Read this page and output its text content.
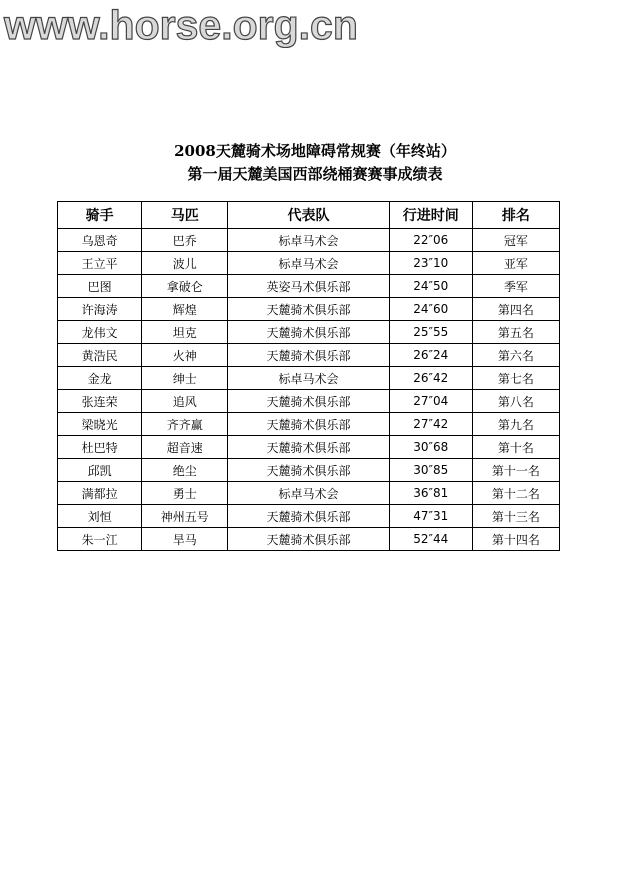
www.horse.org.cn
2008天麓骑术场地障碍常规赛（年终站）
第一届天麓美国西部绕桶赛赛事成绩表
骑手	马匹	代表队	行进时间	排名
乌恩奇	巴乔	标卓马术会	22″06	冠军
王立平	波儿	标卓马术会	23″10	亚军
巴图	拿破仑	英姿马术俱乐部	24″50	季军
许海涛	辉煌	天麓骑术俱乐部	24″60	第四名
龙伟文	坦克	天麓骑术俱乐部	25″55	第五名
黄浩民	火神	天麓骑术俱乐部	26″24	第六名
金龙	绅士	标卓马术会	26″42	第七名
张连荣	追风	天麓骑术俱乐部	27″04	第八名
梁晓光	齐齐赢	天麓骑术俱乐部	27″42	第九名
杜巴特	超音速	天麓骑术俱乐部	30″68	第十名
邱凯	绝尘	天麓骑术俱乐部	30″85	第十一名
满都拉	勇士	标卓马术会	36″81	第十二名
刘恒	神州五号	天麓骑术俱乐部	47″31	第十三名
朱一江	旱马	天麓骑术俱乐部	52″44	第十四名
